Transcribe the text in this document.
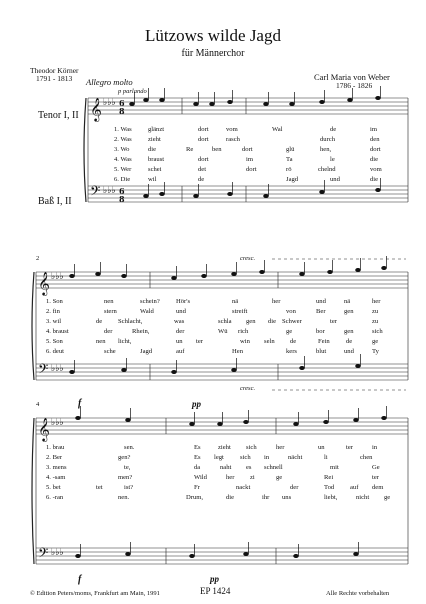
Lützows wilde Jagd
für Männerchor
Theodor Körner
1791 - 1813	Carl Maria von Weber
1786 - 1826
Allegro molto
p parlando
Tenor I, II
Baß I, II
𝄞
𝄢
𝄞
𝄢
𝄞
𝄢
♭♭♭
♭♭♭
♭♭♭
♭♭♭
♭♭♭
♭♭♭
6
8
6
8
1. Was glänzt	dort	vom	Wal	de	im
2. Was zieht	dort	rasch	durch	den
3. Wo	die	Re	ben	dort	glü	hen,	dort
4. Was braust	dort	im	Ta	le	die
5. Wer	schei	det	dort	rö	chelnd	vom
6. Die	wil	de	Jagd	und	die
2	cresc.
cresc.
1. Son	nen	schein? Hör's	nä	her	und	nä	her
2. fin	stern	Wald	und	streift	von	Ber	gen	zu
3. wil	de Schlacht,	was	schla gen die Schwer	ter	zu
4. braust	der	Rhein,	der	Wü rich	ge	bor	gen	sich
5. Son	nen licht,	un ter	win seln de	Fein de	ge
6. deut	sche	Jagd	auf	Hen	kers	blut	und	Ty
4	f	pp
f	pp
1. brau	sen.	Es	zieht sich	her	un	ter	in
2. Ber	gen?	Es legt sich in	nächt	li	chen
3. mens	te,	da	naht es schnell	mit	Ge
4. -sam	men?	Wild	her zi	ge	Rei	ter
5. bet	tet	ist?	Fr	nackt	der	Tod auf dem
6. -ran	nen.	Drum,	die	ihr uns	liebt,	nicht ge
© Edition Peters/moms, Frankfurt am Main, 1991	EP 1424	Alle Rechte vorbehalten
